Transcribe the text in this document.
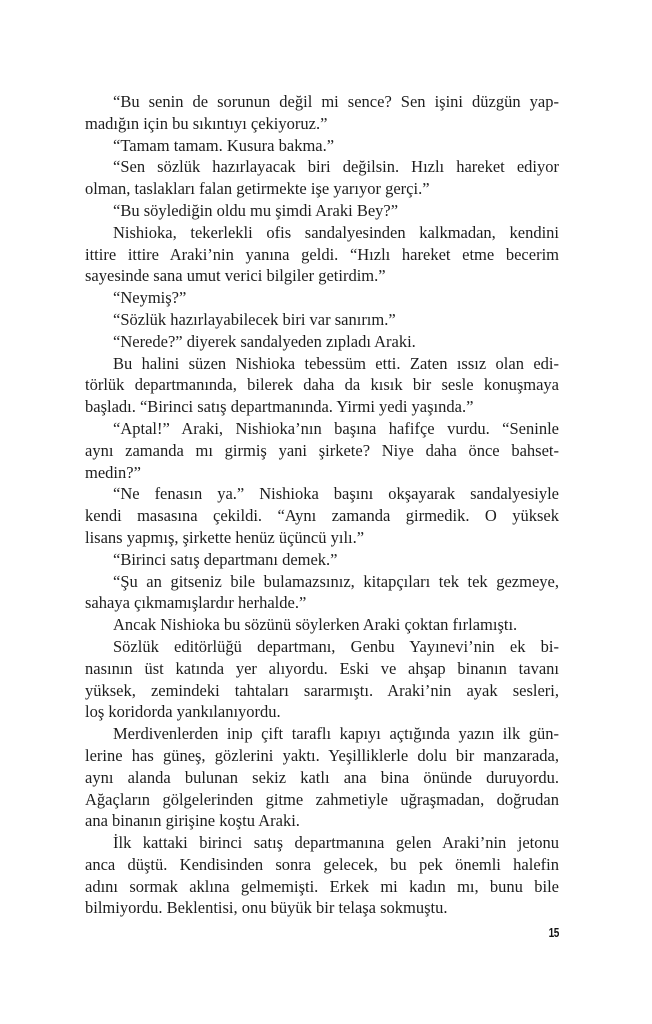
“Bu senin de sorunun değil mi sence? Sen işini düzgün yap-
madığın için bu sıkıntıyı çekiyoruz.”

“Tamam tamam. Kusura bakma.”

“Sen sözlük hazırlayacak biri değilsin. Hızlı hareket ediyor
olman, taslakları falan getirmekte işe yarıyor gerçi.”

“Bu söylediğin oldu mu şimdi Araki Bey?”

Nishioka, tekerlekli ofis sandalyesinden kalkmadan, kendini
ittire ittire Araki’nin yanına geldi. “Hızlı hareket etme becerim
sayesinde sana umut verici bilgiler getirdim.”

“Neymiş?”

“Sözlük hazırlayabilecek biri var sanırım.”

“Nerede?” diyerek sandalyeden zıpladı Araki.

Bu halini süzen Nishioka tebessüm etti. Zaten ıssız olan edi-
törlük departmanında, bilerek daha da kısık bir sesle konuşmaya
başladı. “Birinci satış departmanında. Yirmi yedi yaşında.”

“Aptal!” Araki, Nishioka’nın başına hafifçe vurdu. “Seninle
aynı zamanda mı girmiş yani şirkete? Niye daha önce bahset-
medin?”

“Ne fenasın ya.” Nishioka başını okşayarak sandalyesiyle
kendi masasına çekildi. “Aynı zamanda girmedik. O yüksek
lisans yapmış, şirkette henüz üçüncü yılı.”

“Birinci satış departmanı demek.”

“Şu an gitseniz bile bulamazsınız, kitapçıları tek tek gezmeye,
sahaya çıkmamışlardır herhalde.”

Ancak Nishioka bu sözünü söylerken Araki çoktan fırlamıştı.

Sözlük editörlüğü departmanı, Genbu Yayınevi’nin ek bi-
nasının üst katında yer alıyordu. Eski ve ahşap binanın tavanı
yüksek, zemindeki tahtaları sararmıştı. Araki’nin ayak sesleri,
loş koridorda yankılanıyordu.

Merdivenlerden inip çift taraflı kapıyı açtığında yazın ilk gün-
lerine has güneş, gözlerini yaktı. Yeşilliklerle dolu bir manzarada,
aynı alanda bulunan sekiz katlı ana bina önünde duruyordu.
Ağaçların gölgelerinden gitme zahmetiyle uğraşmadan, doğrudan
ana binanın girişine koştu Araki.

İlk kattaki birinci satış departmanına gelen Araki’nin jetonu
anca düştü. Kendisinden sonra gelecek, bu pek önemli halefin
adını sormak aklına gelmemişti. Erkek mi kadın mı, bunu bile
bilmiyordu. Beklentisi, onu büyük bir telaşa sokmuştu.

15
